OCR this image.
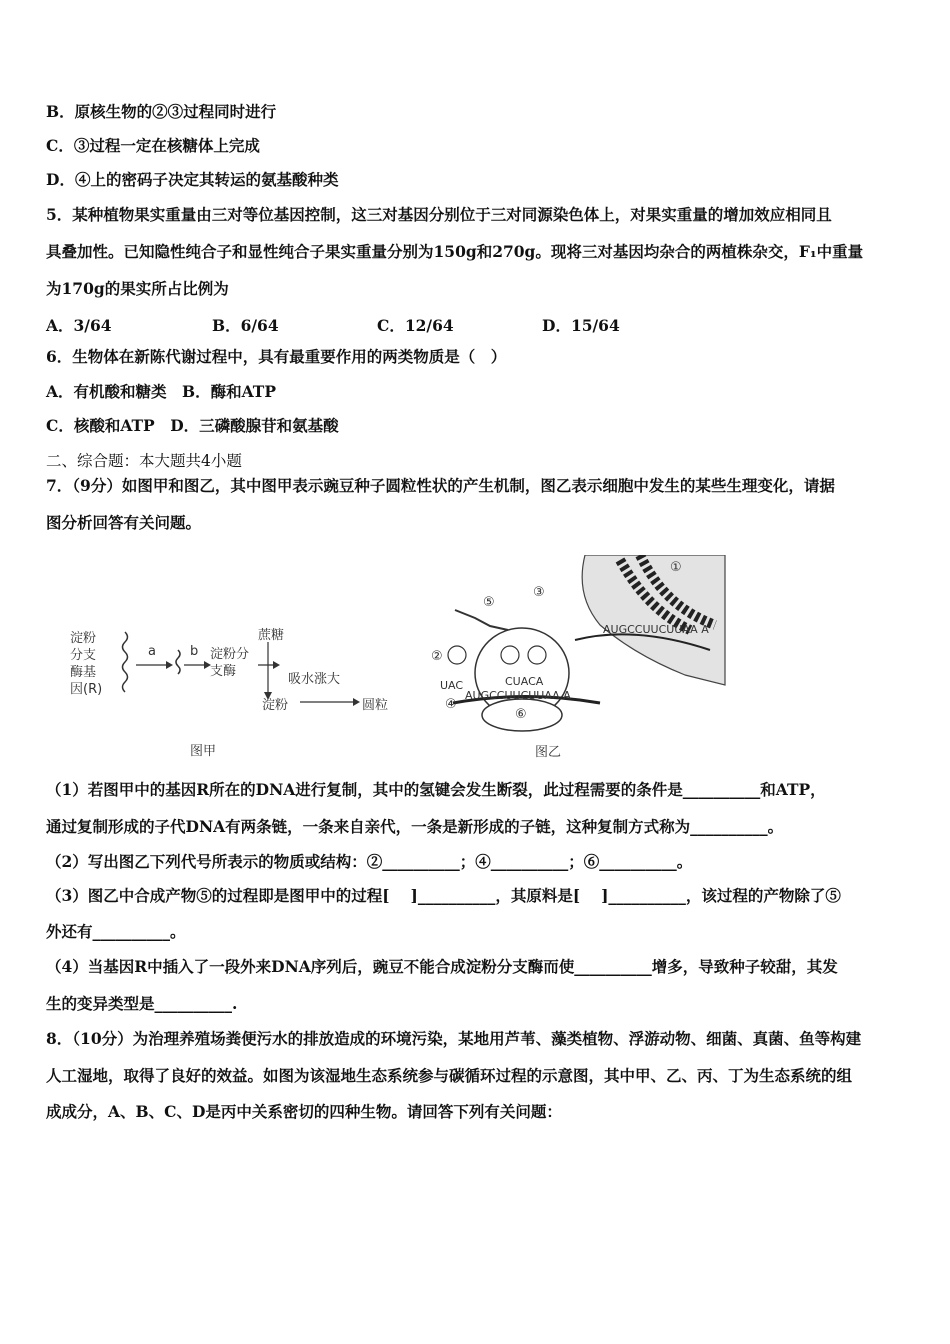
B．原核生物的②③过程同时进行
C．③过程一定在核糖体上完成
D．④上的密码子决定其转运的氨基酸种类
5．某种植物果实重量由三对等位基因控制，这三对基因分别位于三对同源染色体上，对果实重量的增加效应相同且
具叠加性。已知隐性纯合子和显性纯合子果实重量分别为150g和270g。现将三对基因均杂合的两植株杂交，F₁中重量
为170g的果实所占比例为
A．3/64	B．6/64	C．12/64	D．15/64
6．生物体在新陈代谢过程中，具有最重要作用的两类物质是（　）
A．有机酸和糖类　B．酶和ATP
C．核酸和ATP　D．三磷酸腺苷和氨基酸
二、综合题：本大题共4小题
7．（9分）如图甲和图乙，其中图甲表示豌豆种子圆粒性状的产生机制，图乙表示细胞中发生的某些生理变化，请据
图分析回答有关问题。
淀粉
分支
酶基
因(R)
a	b 淀粉分
支酶
蔗糖
吸水涨大
淀粉	圆粒
图甲
⑤
③
①
②
UAC	CUACA
AUGCCUUCUUAA A
AUGCCUUCUUAA A
④
⑥
图乙
（1）若图甲中的基因R所在的DNA进行复制，其中的氢键会发生断裂，此过程需要的条件是__________和ATP，
通过复制形成的子代DNA有两条链，一条来自亲代，一条是新形成的子链，这种复制方式称为__________。
（2）写出图乙下列代号所表示的物质或结构：②__________；④__________；⑥__________。
（3）图乙中合成产物⑤的过程即是图甲中的过程[　 ]__________，其原料是[　 ]__________，该过程的产物除了⑤
外还有__________。
（4）当基因R中插入了一段外来DNA序列后，豌豆不能合成淀粉分支酶而使__________增多，导致种子较甜，其发
生的变异类型是__________.
8．（10分）为治理养殖场粪便污水的排放造成的环境污染，某地用芦苇、藻类植物、浮游动物、细菌、真菌、鱼等构建
人工湿地，取得了良好的效益。如图为该湿地生态系统参与碳循环过程的示意图，其中甲、乙、丙、丁为生态系统的组
成成分，A、B、C、D是丙中关系密切的四种生物。请回答下列有关问题：
